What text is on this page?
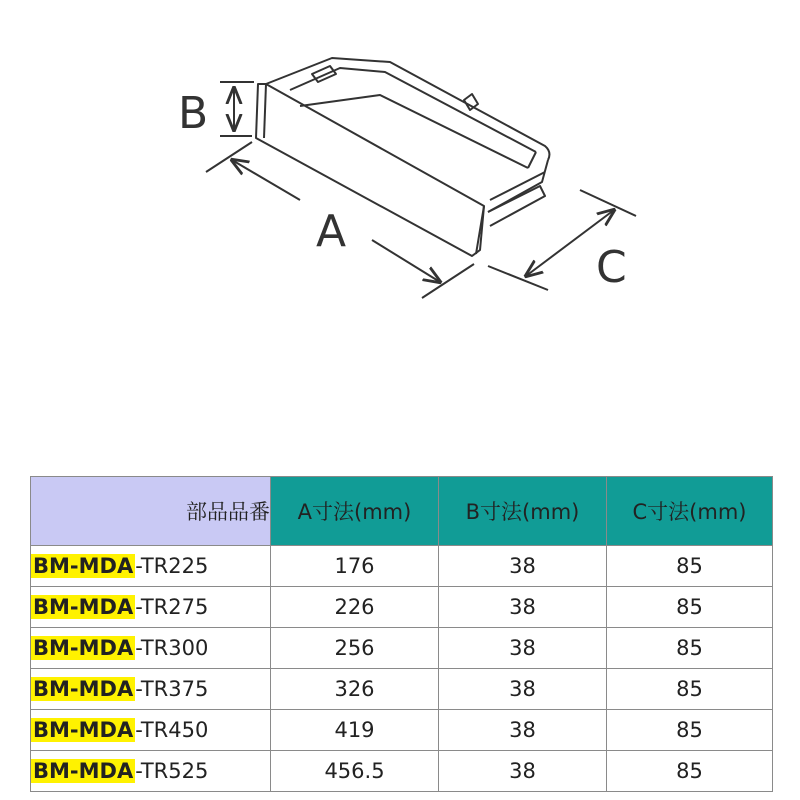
B
A
C
部品品番	A寸法(mm)	B寸法(mm)	C寸法(mm)
BM-MDA-TR225	176	38	85
BM-MDA-TR275	226	38	85
BM-MDA-TR300	256	38	85
BM-MDA-TR375	326	38	85
BM-MDA-TR450	419	38	85
BM-MDA-TR525	456.5	38	85
